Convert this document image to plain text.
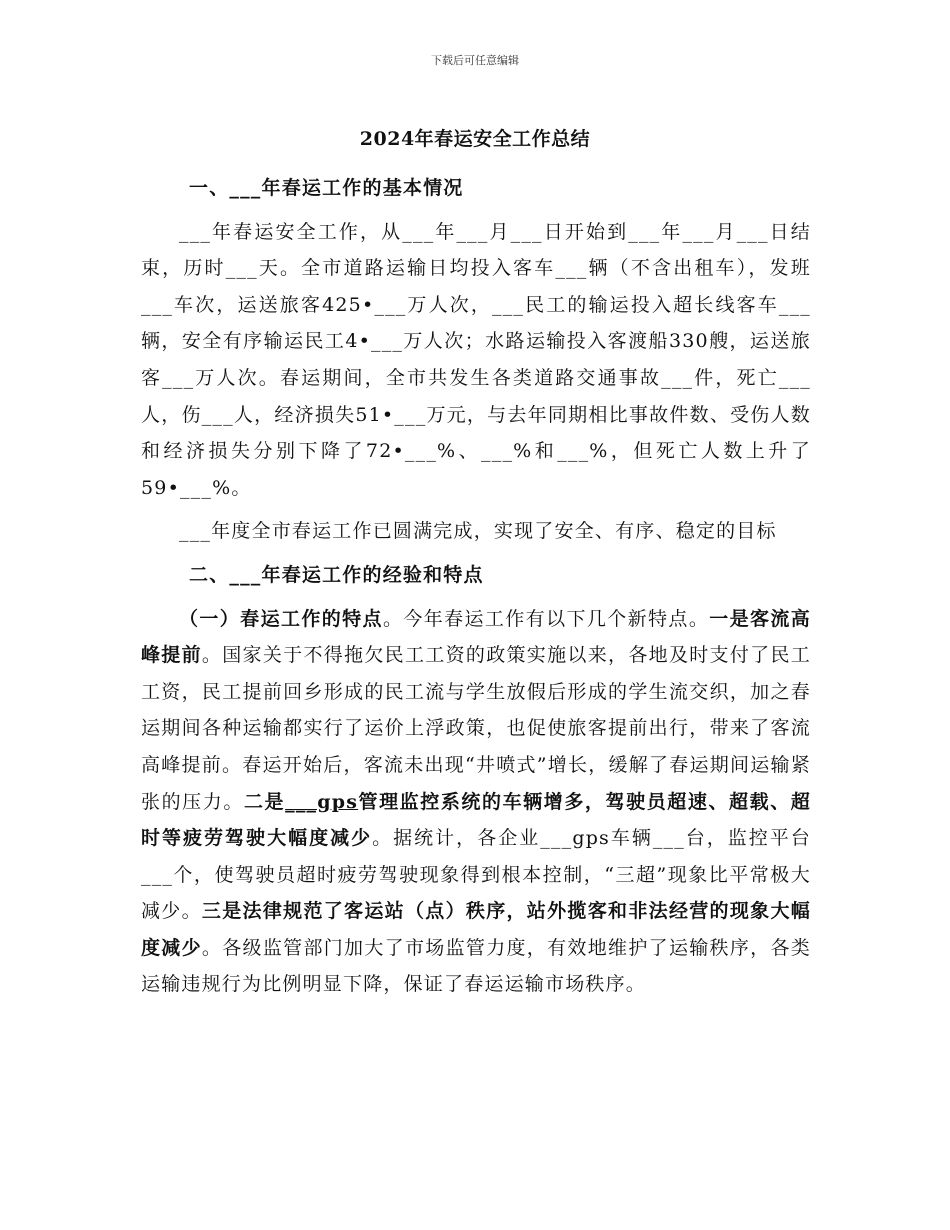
下载后可任意编辑
2024年春运安全工作总结

一、___年春运工作的基本情况

___年春运安全工作，从___年___月___日开始到___年___月___日结束，历时___天。全市道路运输日均投入客车___辆（不含出租车），发班___车次，运送旅客425•___万人次，___民工的输运投入超长线客车___辆，安全有序输运民工4•___万人次；水路运输投入客渡船330艘，运送旅客___万人次。春运期间，全市共发生各类道路交通事故___件，死亡___人，伤___人，经济损失51•___万元，与去年同期相比事故件数、受伤人数和经济损失分别下降了72•___%、___%和___%，但死亡人数上升了59•___%。

___年度全市春运工作已圆满完成，实现了安全、有序、稳定的目标

二、___年春运工作的经验和特点

（一）春运工作的特点。今年春运工作有以下几个新特点。一是客流高峰提前。国家关于不得拖欠民工工资的政策实施以来，各地及时支付了民工工资，民工提前回乡形成的民工流与学生放假后形成的学生流交织，加之春运期间各种运输都实行了运价上浮政策，也促使旅客提前出行，带来了客流高峰提前。春运开始后，客流未出现“井喷式”增长，缓解了春运期间运输紧张的压力。二是___gps管理监控系统的车辆增多，驾驶员超速、超载、超时等疲劳驾驶大幅度减少。据统计，各企业___gps车辆___台，监控平台___个，使驾驶员超时疲劳驾驶现象得到根本控制，“三超”现象比平常极大减少。三是法律规范了客运站（点）秩序，站外揽客和非法经营的现象大幅度减少。各级监管部门加大了市场监管力度，有效地维护了运输秩序，各类运输违规行为比例明显下降，保证了春运运输市场秩序。
